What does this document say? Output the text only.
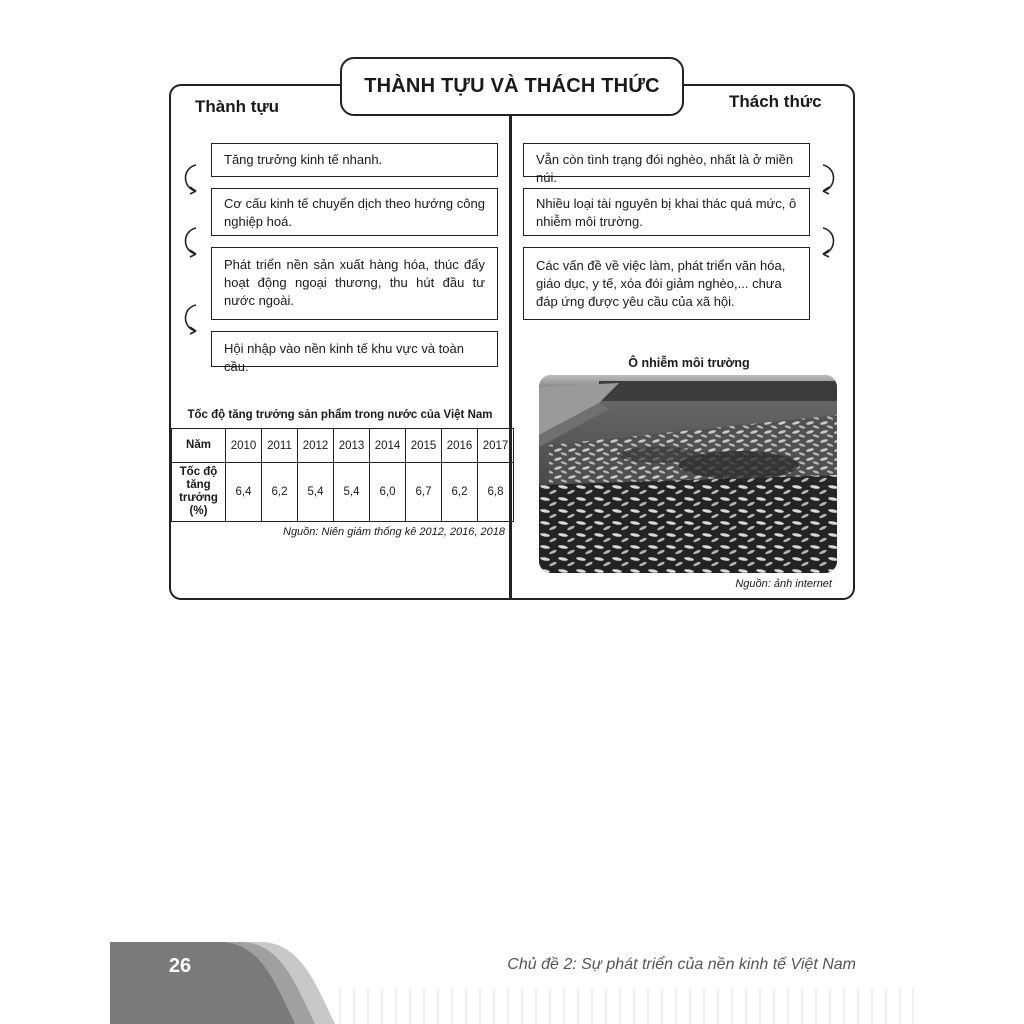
THÀNH TỰU VÀ THÁCH THỨC
Thành tựu	Thách thức
Tăng trưởng kinh tế nhanh.
Cơ cấu kinh tế chuyển dịch theo hướng công nghiệp hoá.
Phát triển nền sản xuất hàng hóa, thúc đẩy hoạt động ngoại thương, thu hút đầu tư nước ngoài.
Hội nhập vào nền kinh tế khu vực và toàn cầu.
Vẫn còn tình trạng đói nghèo, nhất là ở miền núi.
Nhiều loại tài nguyên bị khai thác quá mức, ô nhiễm môi trường.
Các vấn đề về việc làm, phát triển văn hóa, giáo dục, y tế, xóa đói giảm nghèo,... chưa đáp ứng được yêu cầu của xã hội.
Tốc độ tăng trưởng sản phẩm trong nước của Việt Nam
Năm	2010	2011	2012	2013	2014	2015	2016	2017
Tốc độ tăng trưởng (%)	6,4	6,2	5,4	5,4	6,0	6,7	6,2	6,8
Nguồn: Niên giám thống kê 2012, 2016, 2018
Ô nhiễm môi trường
Nguồn: ảnh internet
26	Chủ đề 2: Sự phát triển của nền kinh tế Việt Nam
